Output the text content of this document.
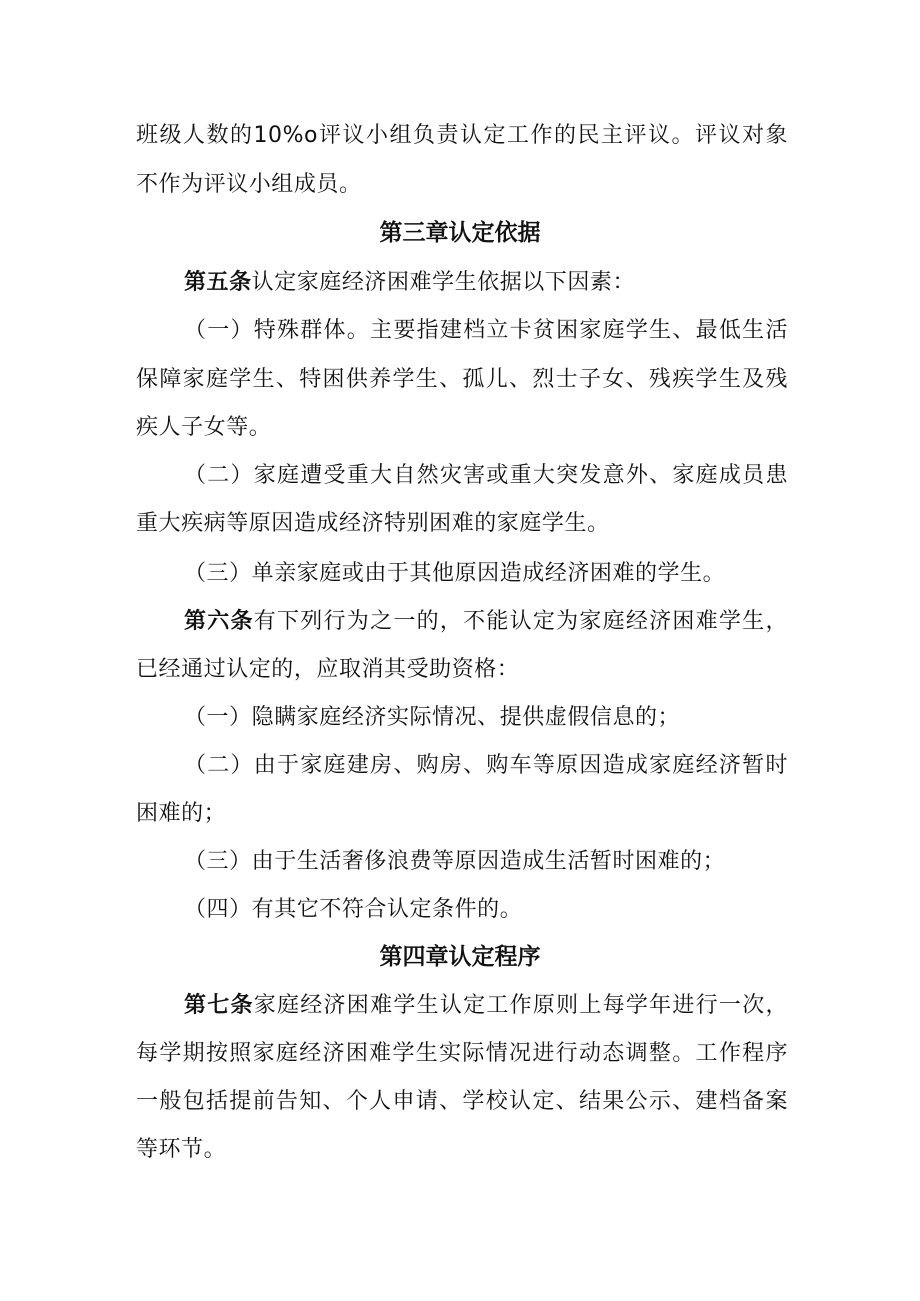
班级人数的10%o评议小组负责认定工作的民主评议。评议对象
不作为评议小组成员。
第三章认定依据
第五条认定家庭经济困难学生依据以下因素：
（一）特殊群体。主要指建档立卡贫困家庭学生、最低生活
保障家庭学生、特困供养学生、孤儿、烈士子女、残疾学生及残
疾人子女等。
（二）家庭遭受重大自然灾害或重大突发意外、家庭成员患
重大疾病等原因造成经济特别困难的家庭学生。
（三）单亲家庭或由于其他原因造成经济困难的学生。
第六条有下列行为之一的，不能认定为家庭经济困难学生，
已经通过认定的，应取消其受助资格：
（一）隐瞒家庭经济实际情况、提供虚假信息的；
（二）由于家庭建房、购房、购车等原因造成家庭经济暂时
困难的；
（三）由于生活奢侈浪费等原因造成生活暂时困难的；
（四）有其它不符合认定条件的。
第四章认定程序
第七条家庭经济困难学生认定工作原则上每学年进行一次，
每学期按照家庭经济困难学生实际情况进行动态调整。工作程序
一般包括提前告知、个人申请、学校认定、结果公示、建档备案
等环节。
